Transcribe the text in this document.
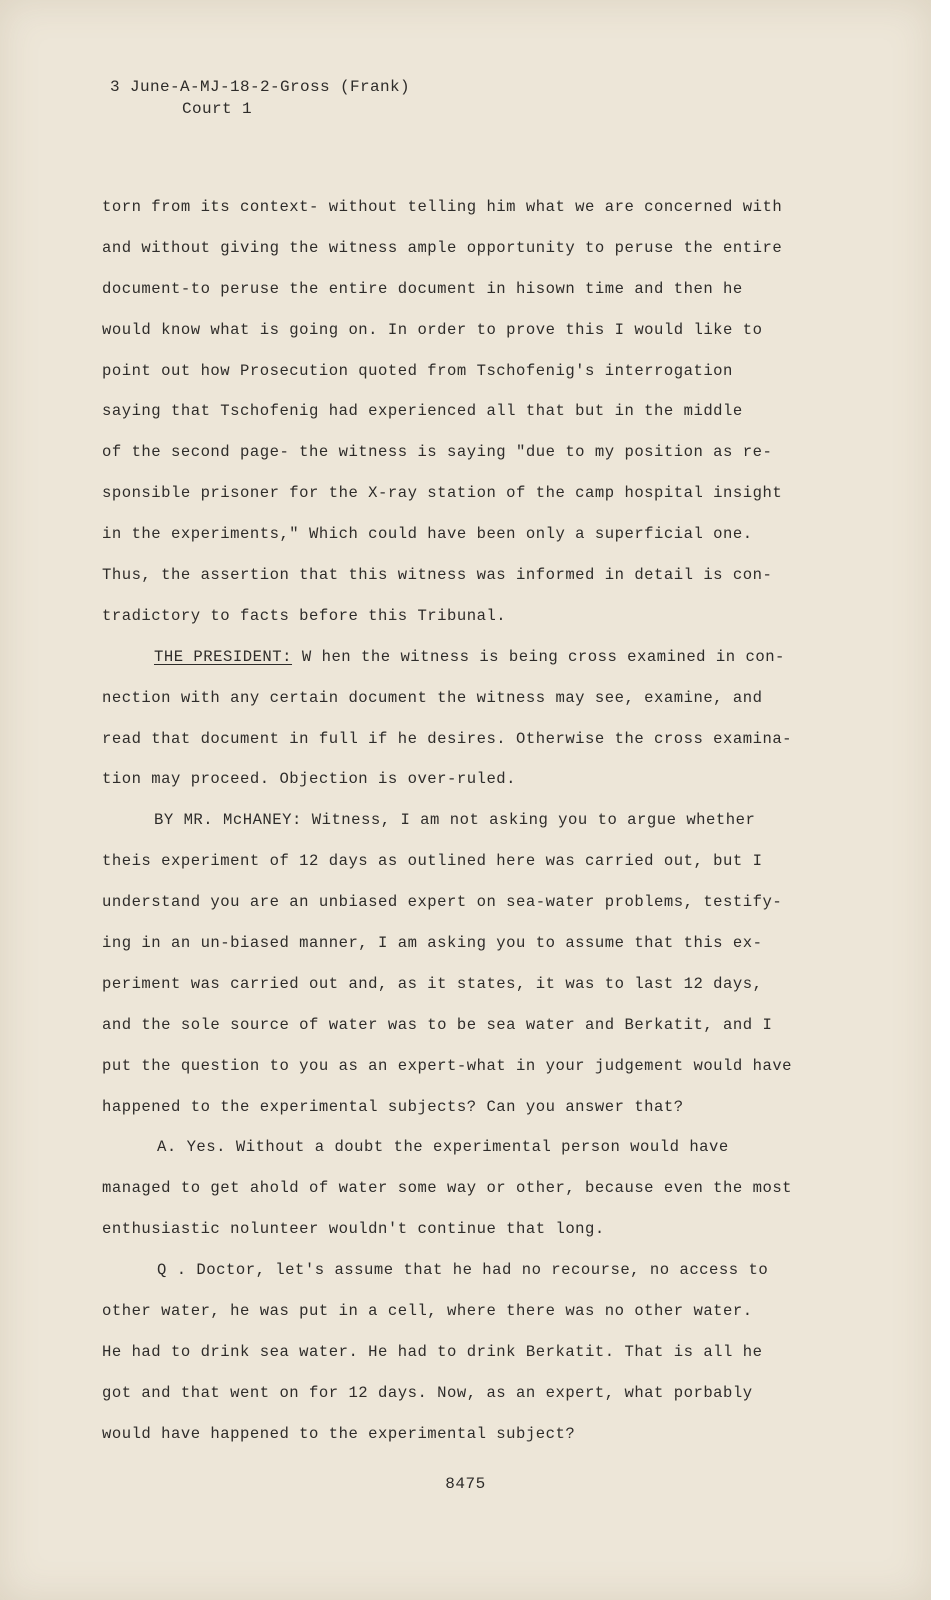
3 June-A-MJ-18-2-Gross (Frank)
Court 1
torn from its context- without telling him what we are concerned with
and without giving the witness ample opportunity to peruse the entire
document-to peruse the entire document in hisown time and then he
would know what is going on. In order to prove this I would like to
point out how Prosecution quoted from Tschofenig's interrogation
saying that Tschofenig had experienced all that but in the middle
of the second page- the witness is saying "due to my position as re-
sponsible prisoner for the X-ray station of the camp hospital insight
in the experiments," Which could have been only a superficial one.
Thus, the assertion that this witness was informed in detail is con-
tradictory to facts before this Tribunal.
THE PRESIDENT: W hen the witness is being cross examined in con-
nection with any certain document the witness may see, examine, and
read that document in full if he desires. Otherwise the cross examina-
tion may proceed. Objection is over-ruled.
BY MR. McHANEY: Witness, I am not asking you to argue whether
theis experiment of 12 days as outlined here was carried out, but I
understand you are an unbiased expert on sea-water problems, testify-
ing in an un-biased manner, I am asking you to assume that this ex-
periment was carried out and, as it states, it was to last 12 days,
and the sole source of water was to be sea water and Berkatit, and I
put the question to you as an expert-what in your judgement would have
happened to the experimental subjects? Can you answer that?
A. Yes. Without a doubt the experimental person would have
managed to get ahold of water some way or other, because even the most
enthusiastic nolunteer wouldn't continue that long.
Q . Doctor, let's assume that he had no recourse, no access to
other water, he was put in a cell, where there was no other water.
He had to drink sea water. He had to drink Berkatit. That is all he
got and that went on for 12 days. Now, as an expert, what porbably
would have happened to the experimental subject?
8475
